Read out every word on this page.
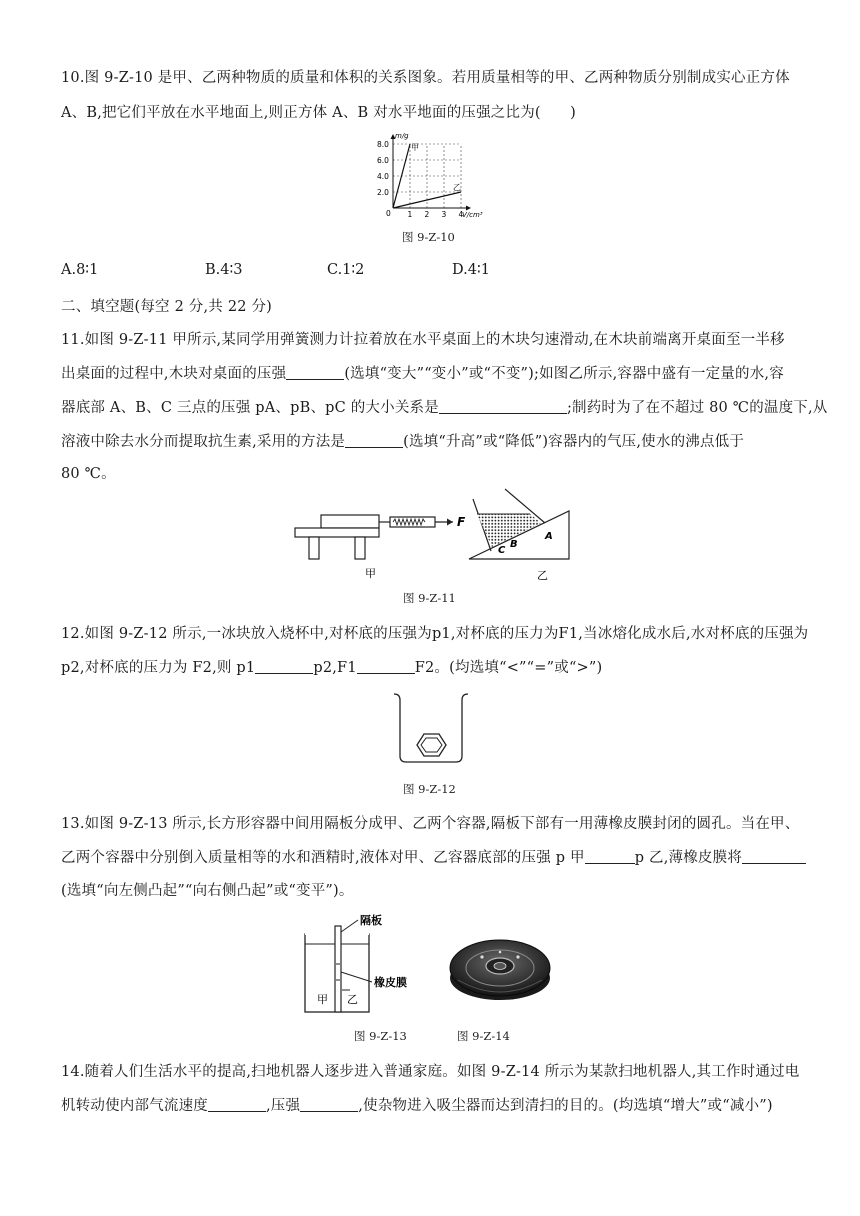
10.图 9-Z-10 是甲、乙两种物质的质量和体积的关系图象。若用质量相等的甲、乙两种物质分别制成实心正方体
A、B,把它们平放在水平地面上,则正方体 A、B 对水平地面的压强之比为(　　)
甲
乙
1 2 3 4
2.0
4.0
6.0
8.0
0	V/cm³
m/g
图 9-Z-10
A.8∶1	B.4∶3	C.1∶2	D.4∶1
二、填空题(每空 2 分,共 22 分)
11.如图 9-Z-11 甲所示,某同学用弹簧测力计拉着放在水平桌面上的木块匀速滑动,在木块前端离开桌面至一半移
出桌面的过程中,木块对桌面的压强	(选填“变大”“变小”或“不变”);如图乙所示,容器中盛有一定量的水,容
器底部 A、B、C 三点的压强 pA、pB、pC 的大小关系是	;制药时为了在不超过 80 ℃的温度下,从
溶液中除去水分而提取抗生素,采用的方法是	(选填“升高”或“降低”)容器内的气压,使水的沸点低于
80 ℃。
F
甲
A
B
C
乙
图 9-Z-11
12.如图 9-Z-12 所示,一冰块放入烧杯中,对杯底的压强为p1,对杯底的压力为F1,当冰熔化成水后,水对杯底的压强为
p2,对杯底的压力为 F2,则 p1	p2,F1	F2。(均选填“<”“=”或“>”)
图 9-Z-12
13.如图 9-Z-13 所示,长方形容器中间用隔板分成甲、乙两个容器,隔板下部有一用薄橡皮膜封闭的圆孔。当在甲、
乙两个容器中分别倒入质量相等的水和酒精时,液体对甲、乙容器底部的压强 p 甲	p 乙,薄橡皮膜将
(选填“向左侧凸起”“向右侧凸起”或“变平”)。
隔板
橡皮膜
甲 乙
图 9-Z-13	图 9-Z-14
14.随着人们生活水平的提高,扫地机器人逐步进入普通家庭。如图 9-Z-14 所示为某款扫地机器人,其工作时通过电
机转动使内部气流速度	,压强	,使杂物进入吸尘器而达到清扫的目的。(均选填“增大”或“减小”)
